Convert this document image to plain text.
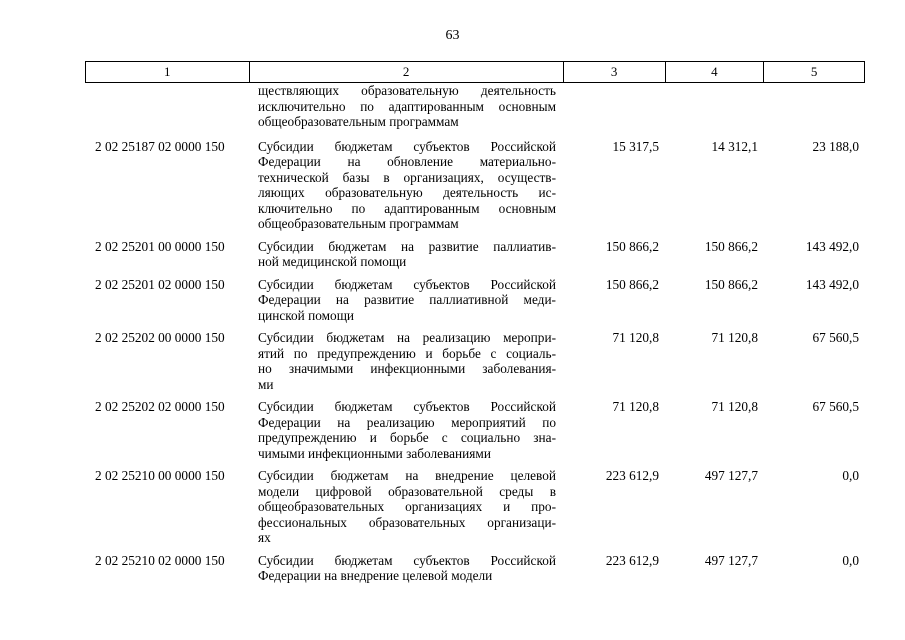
63
1	2	3	4	5
ществляющих образовательную деятельность
исключительно по адаптированным основным
общеобразовательным программам
2 02 25187 02 0000 150	Субсидии бюджетам субъектов Российской
Федерации на обновление материально-
технической базы в организациях, осуществ-
ляющих образовательную деятельность ис-
ключительно по адаптированным основным
общеобразовательным программам
15 317,5	14 312,1	23 188,0
2 02 25201 00 0000 150	Субсидии бюджетам на развитие паллиатив-
ной медицинской помощи
150 866,2	150 866,2	143 492,0
2 02 25201 02 0000 150	Субсидии бюджетам субъектов Российской
Федерации на развитие паллиативной меди-
цинской помощи
150 866,2	150 866,2	143 492,0
2 02 25202 00 0000 150	Субсидии бюджетам на реализацию меропри-
ятий по предупреждению и борьбе с социаль-
но значимыми инфекционными заболевания-
ми
71 120,8	71 120,8	67 560,5
2 02 25202 02 0000 150	Субсидии бюджетам субъектов Российской
Федерации на реализацию мероприятий по
предупреждению и борьбе с социально зна-
чимыми инфекционными заболеваниями
71 120,8	71 120,8	67 560,5
2 02 25210 00 0000 150	Субсидии бюджетам на внедрение целевой
модели цифровой образовательной среды в
общеобразовательных организациях и про-
фессиональных образовательных организаци-
ях
223 612,9	497 127,7	0,0
2 02 25210 02 0000 150	Субсидии бюджетам субъектов Российской
Федерации на внедрение целевой модели
223 612,9	497 127,7	0,0
